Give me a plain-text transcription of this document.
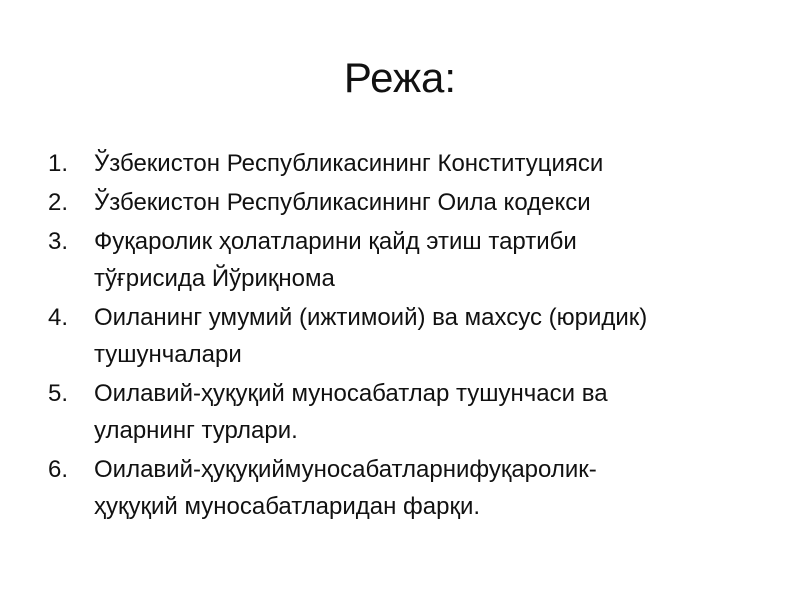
Режа:
1.	Ўзбекистон Республикасининг Конституцияси
2.	Ўзбекистон Республикасининг Оила кодекси
3.	Фуқаролик ҳолатларини қайд этиш тартиби
тўғрисида Йўриқнома
4.	Оиланинг умумий (ижтимоий) ва махсус (юридик)
тушунчалари
5.	Оилавий-ҳуқуқий муносабатлар тушунчаси ва
уларнинг турлари.
6.	Оилавий-ҳуқуқиймуносабатларнифуқаролик-
ҳуқуқий муносабатларидан фарқи.
